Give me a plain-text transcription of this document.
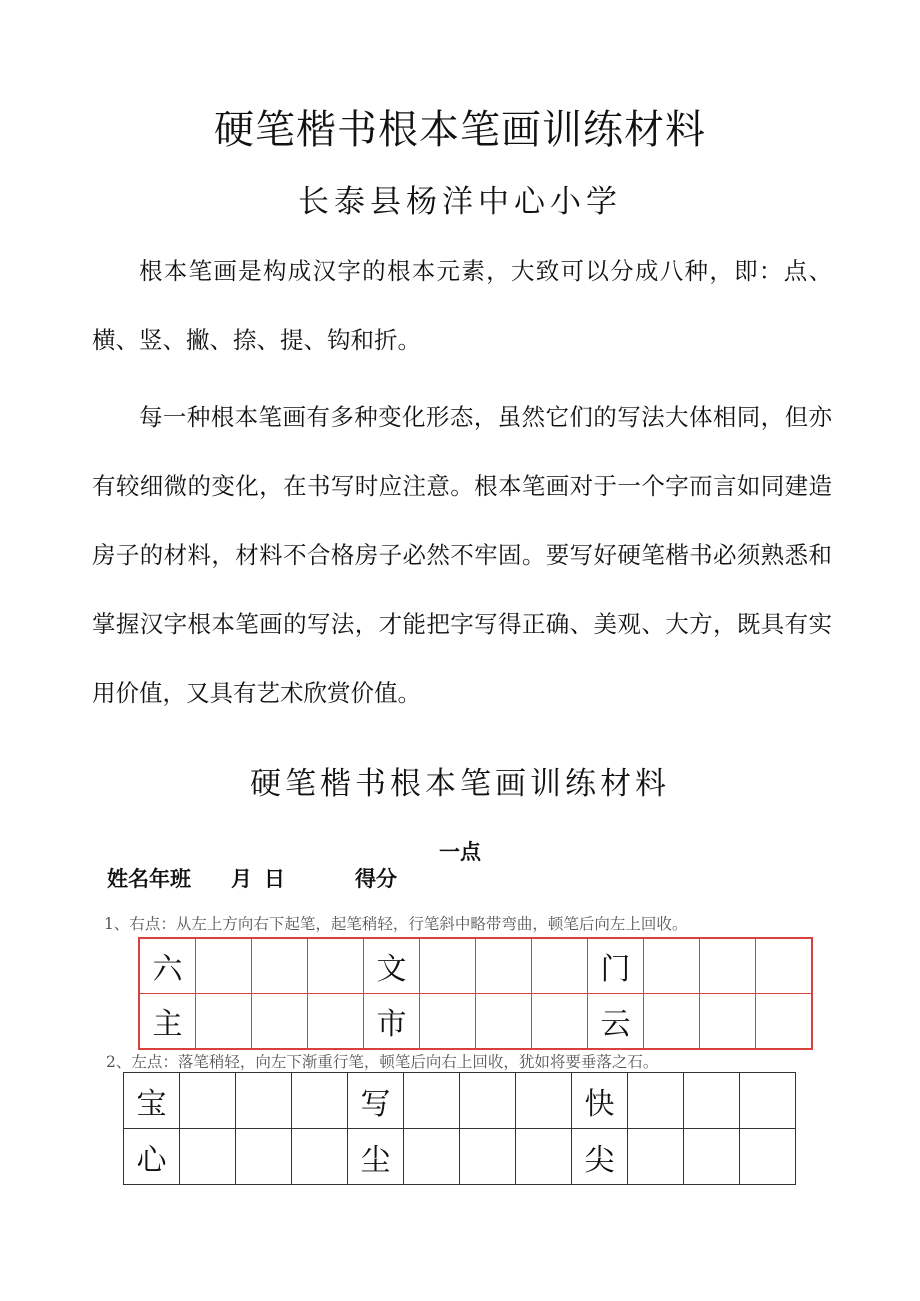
硬笔楷书根本笔画训练材料
长泰县杨洋中心小学
根本笔画是构成汉字的根本元素，大致可以分成八种，即：点、横、竖、撇、捺、提、钩和折。
每一种根本笔画有多种变化形态，虽然它们的写法大体相同，但亦有较细微的变化，在书写时应注意。根本笔画对于一个字而言如同建造房子的材料，材料不合格房子必然不牢固。要写好硬笔楷书必须熟悉和掌握汉字根本笔画的写法，才能把字写得正确、美观、大方，既具有实用价值，又具有艺术欣赏价值。
硬笔楷书根本笔画训练材料
一点
姓名年班 月 日	得分
1、右点：从左上方向右下起笔，起笔稍轻，行笔斜中略带弯曲，顿笔后向左上回收。
六				文				门			
主				市				云			
2、左点：落笔稍轻，向左下渐重行笔，顿笔后向右上回收，犹如将要垂落之石。
宝				写				快			
心				尘				尖			
